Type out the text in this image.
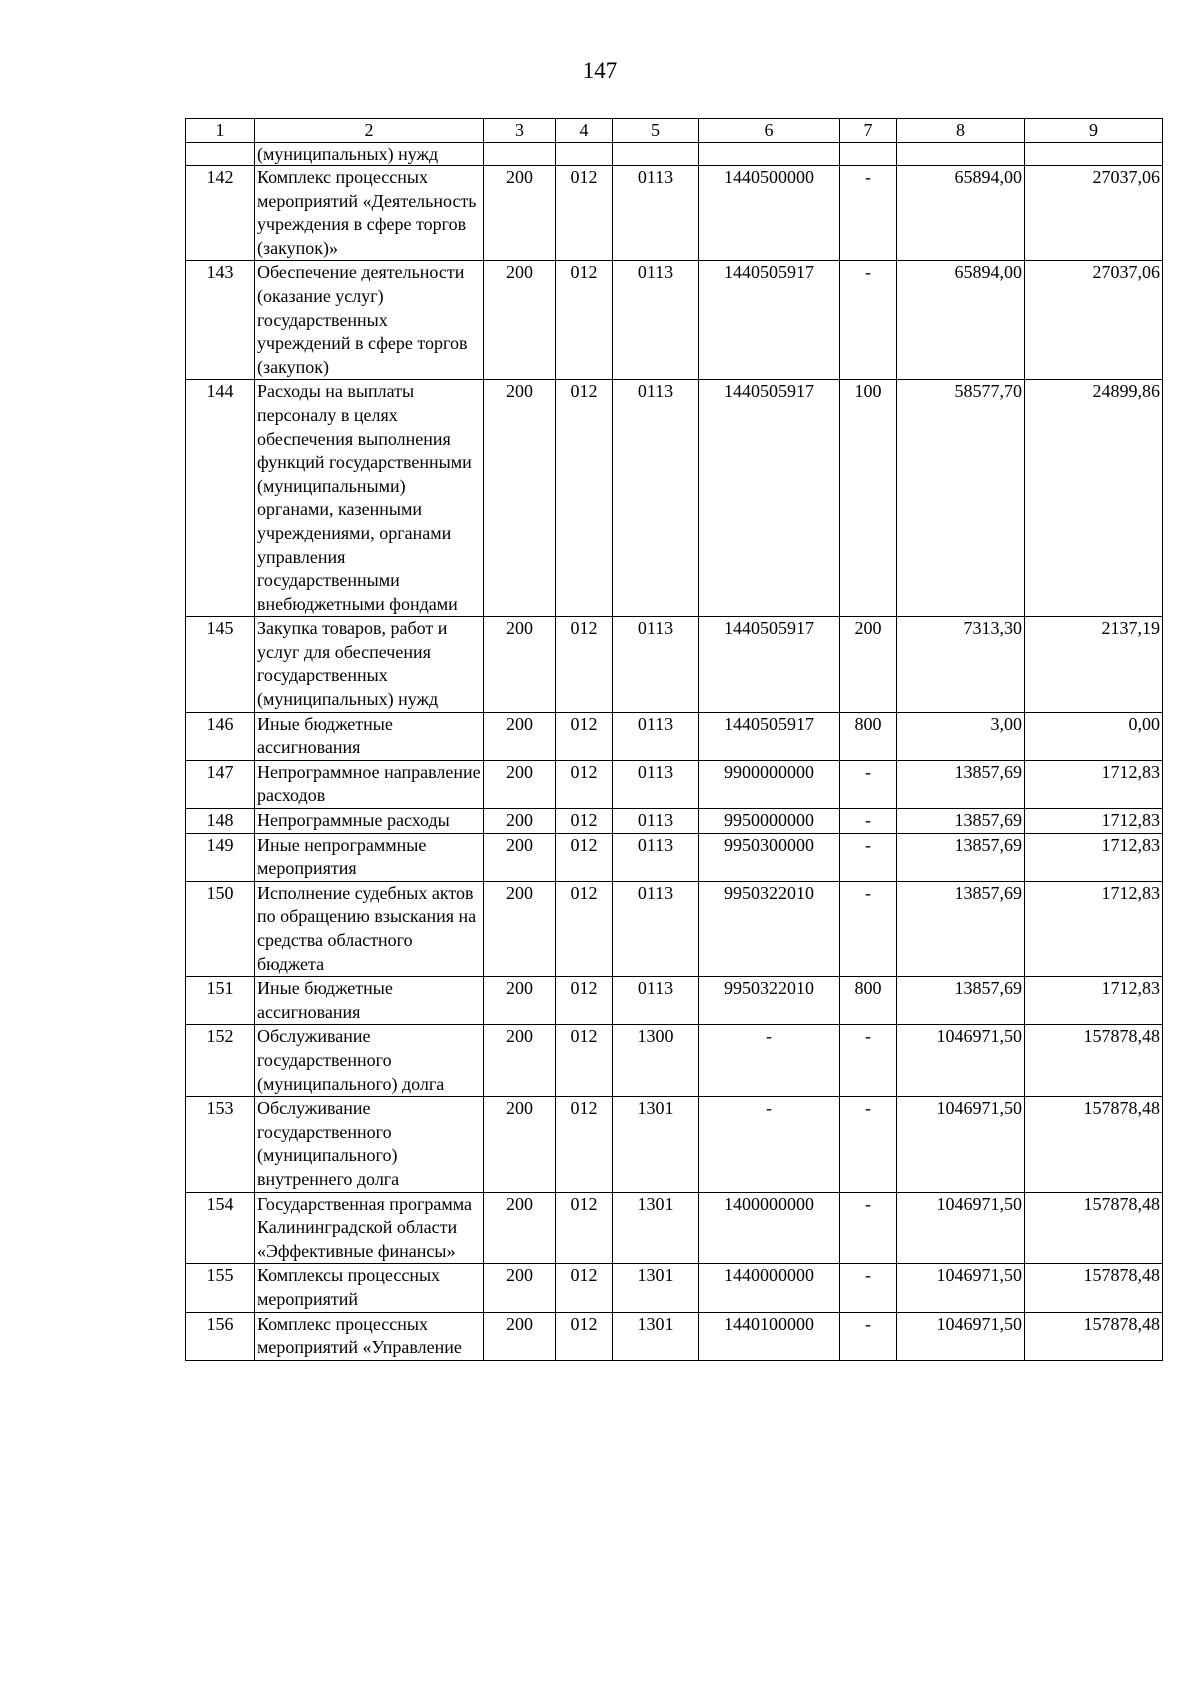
147
1	2	3	4	5	6	7	8	9
	(муниципальных) нужд							
142	Комплекс процессных мероприятий «Деятельность учреждения в сфере торгов (закупок)»	200	012	0113	1440500000	-	65894,00	27037,06
143	Обеспечение деятельности (оказание услуг) государственных учреждений в сфере торгов (закупок)	200	012	0113	1440505917	-	65894,00	27037,06
144	Расходы на выплаты персоналу в целях обеспечения выполнения функций государственными (муниципальными) органами, казенными учреждениями, органами управления государственными внебюджетными фондами	200	012	0113	1440505917	100	58577,70	24899,86
145	Закупка товаров, работ и услуг для обеспечения государственных (муниципальных) нужд	200	012	0113	1440505917	200	7313,30	2137,19
146	Иные бюджетные ассигнования	200	012	0113	1440505917	800	3,00	0,00
147	Непрограммное направление расходов	200	012	0113	9900000000	-	13857,69	1712,83
148	Непрограммные расходы	200	012	0113	9950000000	-	13857,69	1712,83
149	Иные непрограммные мероприятия	200	012	0113	9950300000	-	13857,69	1712,83
150	Исполнение судебных актов по обращению взыскания на средства областного бюджета	200	012	0113	9950322010	-	13857,69	1712,83
151	Иные бюджетные ассигнования	200	012	0113	9950322010	800	13857,69	1712,83
152	Обслуживание государственного (муниципального) долга	200	012	1300	-	-	1046971,50	157878,48
153	Обслуживание государственного (муниципального) внутреннего долга	200	012	1301	-	-	1046971,50	157878,48
154	Государственная программа Калининградской области «Эффективные финансы»	200	012	1301	1400000000	-	1046971,50	157878,48
155	Комплексы процессных мероприятий	200	012	1301	1440000000	-	1046971,50	157878,48
156	Комплекс процессных мероприятий «Управление	200	012	1301	1440100000	-	1046971,50	157878,48
